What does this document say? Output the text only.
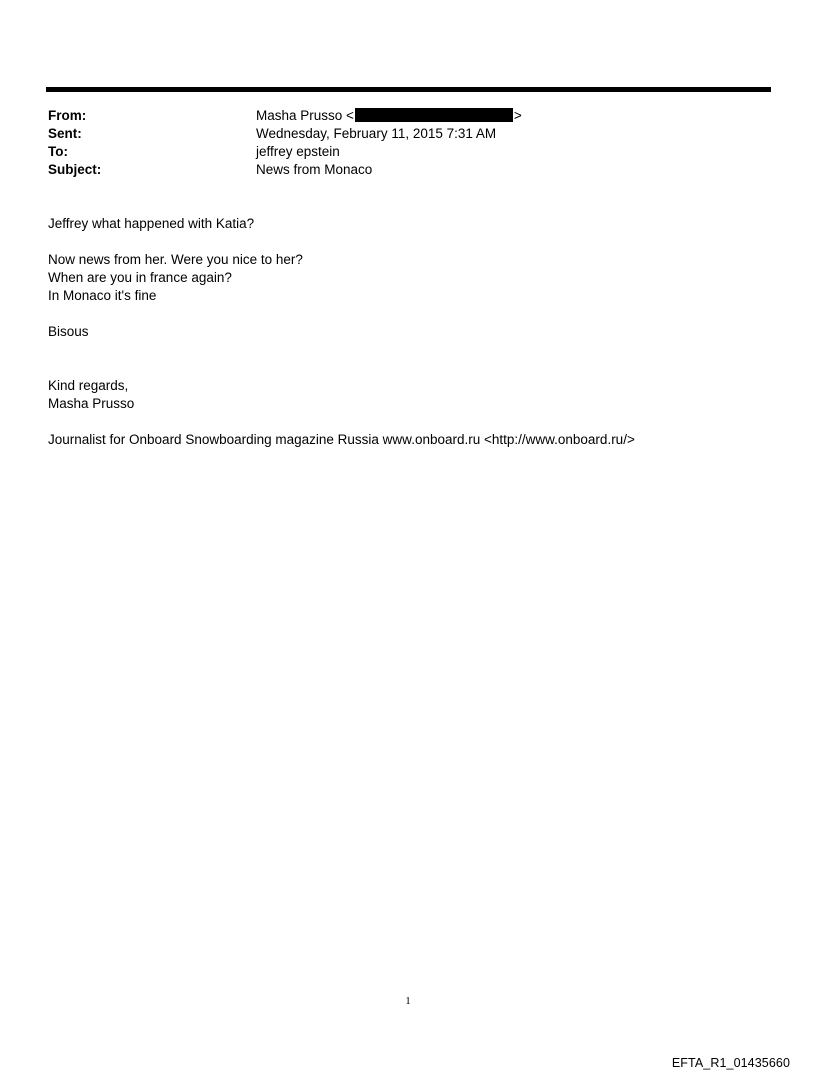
From:	Masha Prusso <	>
Sent:	Wednesday, February 11, 2015 7:31 AM
To:	jeffrey epstein
Subject:	News from Monaco

Jeffrey what happened with Katia?

Now news from her. Were you nice to her?

When are you in france again?

In Monaco it's fine

Bisous

Kind regards,

Masha Prusso

Journalist for Onboard Snowboarding magazine Russia www.onboard.ru <http://www.onboard.ru/>

1
EFTA_R1_01435660
